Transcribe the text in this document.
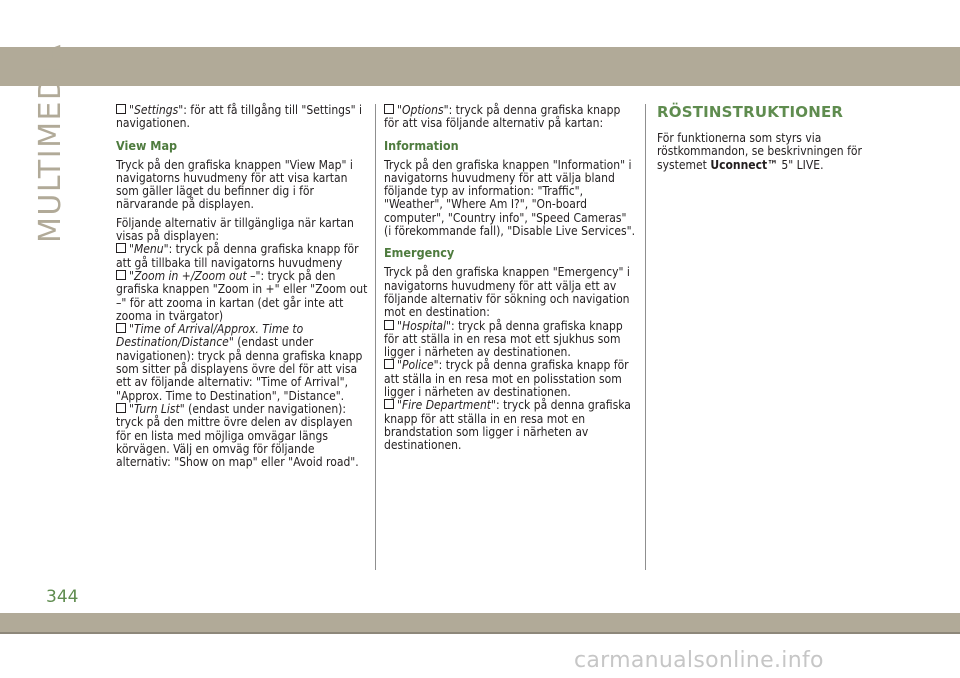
MULTIMEDIA	"Settings": för att få tillgång till "Settings" i navigationen.

View Map

Tryck på den grafiska knappen "View Map" i navigatorns huvudmeny för att visa kartan som gäller läget du befinner dig i för närvarande på displayen.

Följande alternativ är tillgängliga när kartan visas på displayen:

"Menu": tryck på denna grafiska knapp för att gå tillbaka till navigatorns huvudmeny

"Zoom in +/Zoom out –": tryck på den grafiska knappen "Zoom in +" eller "Zoom out –" för att zooma in kartan (det går inte att zooma in tvärgator)

"Time of Arrival/Approx. Time to Destination/Distance" (endast under navigationen): tryck på denna grafiska knapp som sitter på displayens övre del för att visa ett av följande alternativ: "Time of Arrival", "Approx. Time to Destination", "Distance".

"Turn List" (endast under navigationen): tryck på den mittre övre delen av displayen för en lista med möjliga omvägar längs körvägen. Välj en omväg för följande alternativ: "Show on map" eller "Avoid road".

"Options": tryck på denna grafiska knapp för att visa följande alternativ på kartan:

Information

Tryck på den grafiska knappen "Information" i navigatorns huvudmeny för att välja bland följande typ av information: "Traffic", "Weather", "Where Am I?", "On-board computer", "Country info", "Speed Cameras" (i förekommande fall), "Disable Live Services".

Emergency

Tryck på den grafiska knappen "Emergency" i navigatorns huvudmeny för att välja ett av följande alternativ för sökning och navigation mot en destination:

"Hospital": tryck på denna grafiska knapp för att ställa in en resa mot ett sjukhus som ligger i närheten av destinationen.

"Police": tryck på denna grafiska knapp för att ställa in en resa mot en polisstation som ligger i närheten av destinationen.

"Fire Department": tryck på denna grafiska knapp för att ställa in en resa mot en brandstation som ligger i närheten av destinationen.

RÖSTINSTRUKTIONER

För funktionerna som styrs via röstkommandon, se beskrivningen för systemet Uconnect™ 5" LIVE.

344
carmanualsonline.info
